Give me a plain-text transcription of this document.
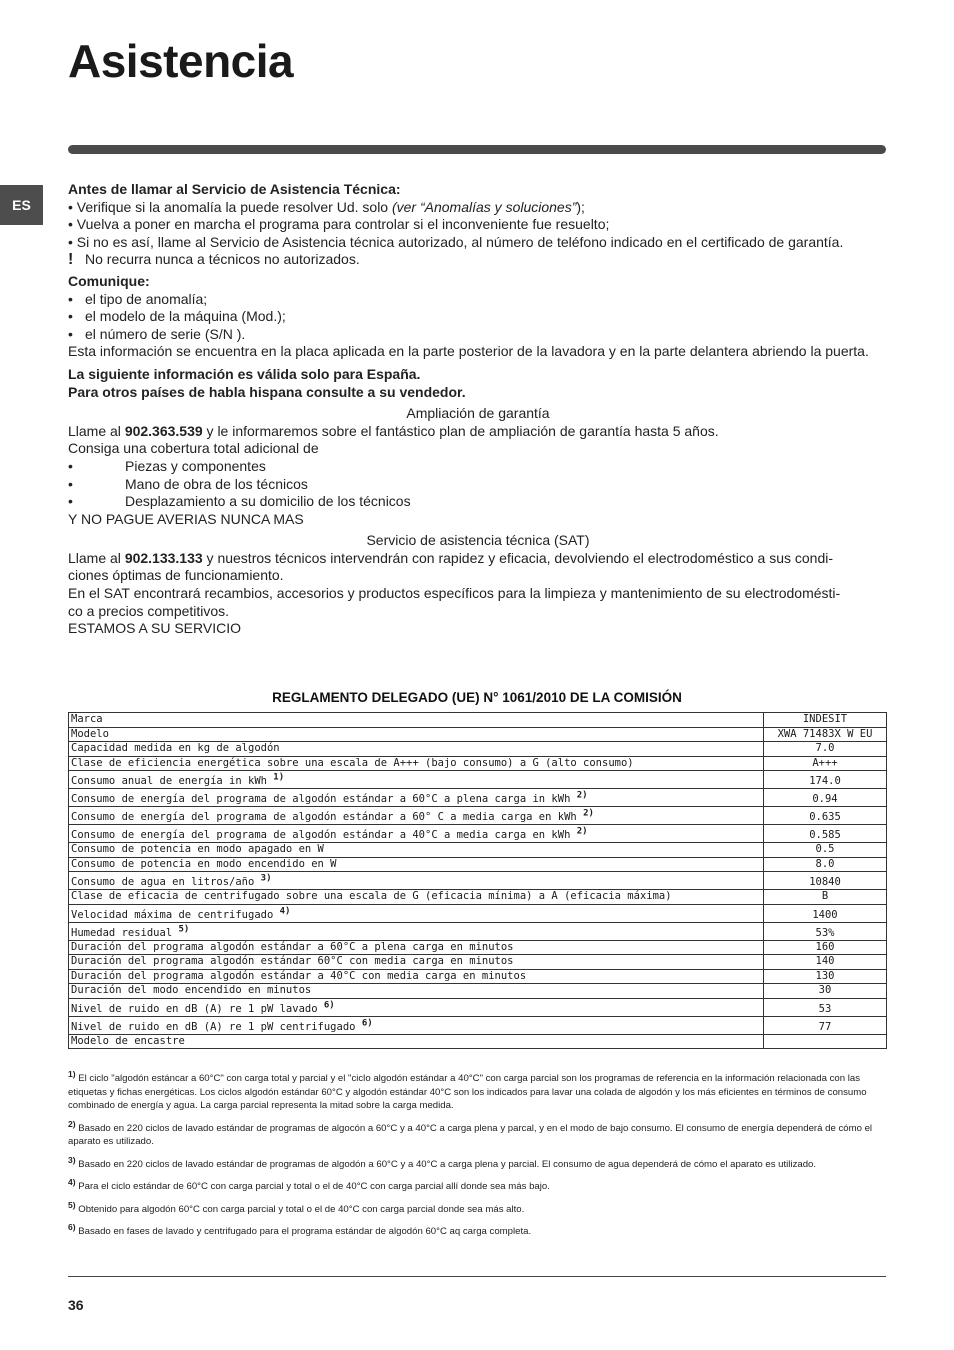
Asistencia
ES

Antes de llamar al Servicio de Asistencia Técnica:

• Verifique si la anomalía la puede resolver Ud. solo (ver “Anomalías y soluciones”);

• Vuelva a poner en marcha el programa para controlar si el inconveniente fue resuelto;

• Si no es así, llame al Servicio de Asistencia técnica autorizado, al número de teléfono indicado en el certificado de garantía.

! No recurra nunca a técnicos no autorizados.

Comunique:

• el tipo de anomalía;
• el modelo de la máquina (Mod.);
• el número de serie (S/N ).

Esta información se encuentra en la placa aplicada en la parte posterior de la lavadora y en la parte delantera abriendo la puerta.

La siguiente información es válida solo para España.

Para otros países de habla hispana consulte a su vendedor.

Ampliación de garantía

Llame al 902.363.539 y le informaremos sobre el fantástico plan de ampliación de garantía hasta 5 años.

Consiga una cobertura total adicional de

•	Piezas y componentes
•	Mano de obra de los técnicos
•	Desplazamiento a su domicilio de los técnicos

Y NO PAGUE AVERIAS NUNCA MAS

Servicio de asistencia técnica (SAT)

Llame al 902.133.133 y nuestros técnicos intervendrán con rapidez y eficacia, devolviendo el electrodoméstico a sus condi-

ciones óptimas de funcionamiento.

En el SAT encontrará recambios, accesorios y productos específicos para la limpieza y mantenimiento de su electrodomésti-

co a precios competitivos.

ESTAMOS A SU SERVICIO

REGLAMENTO DELEGADO (UE) N° 1061/2010 DE LA COMISIÓN
Marca	INDESIT
Modelo	XWA 71483X W EU
Capacidad medida en kg de algodón	7.0
Clase de eficiencia energética sobre una escala de A+++ (bajo consumo) a G (alto consumo)	A+++
Consumo anual de energía in kWh $^{1)}$	174.0
Consumo de energía del programa de algodón estándar a 60°C a plena carga in kWh $^{2)}$	0.94
Consumo de energía del programa de algodón estándar a 60° C a media carga en kWh $^{2)}$	0.635
Consumo de energía del programa de algodón estándar a 40°C a media carga en kWh $^{2)}$	0.585
Consumo de potencia en modo apagado en W	0.5
Consumo de potencia en modo encendido en W	8.0
Consumo de agua en litros/año $^{3)}$	10840
Clase de eficacia de centrifugado sobre una escala de G (eficacia mínima) a A (eficacia máxima)	B
Velocidad máxima de centrifugado $^{4)}$	1400
Humedad residual $^{5)}$	53%
Duración del programa algodón estándar a 60°C a plena carga en minutos	160
Duración del programa algodón estándar 60°C con media carga en minutos	140
Duración del programa algodón estándar a 40°C con media carga en minutos	130
Duración del modo encendido en minutos	30
Nivel de ruido en dB (A) re 1 pW lavado $^{6)}$	53
Nivel de ruido en dB (A) re 1 pW centrifugado $^{6)}$	77
Modelo de encastre	

$^{1)}$ El ciclo "algodón estáncar a 60°C" con carga total y parcial y el "ciclo algodón estándar a 40°C" con carga parcial son los programas de referencia en la información relacionada con las etiquetas y fichas energéticas. Los ciclos algodón estándar 60°C y algodón estándar 40°C son los indicados para lavar una colada de algodón y los más eficientes en términos de consumo combinado de energía y agua. La carga parcial representa la mitad sobre la carga medida.

$^{2)}$ Basado en 220 ciclos de lavado estándar de programas de algocón a 60°C y a 40°C a carga plena y parcal, y en el modo de bajo consumo. El consumo de energía dependerá de cómo el aparato es utilizado.

$^{3)}$ Basado en 220 ciclos de lavado estándar de programas de algodón a 60°C y a 40°C a carga plena y parcial. El consumo de agua dependerá de cómo el aparato es utilizado.

$^{4)}$ Para el ciclo estándar de 60°C con carga parcial y total o el de 40°C con carga parcial allí donde sea más bajo.

$^{5)}$ Obtenido para algodón 60°C con carga parcial y total o el de 40°C con carga parcial donde sea más alto.

$^{6)}$ Basado en fases de lavado y centrifugado para el programa estándar de algodón 60°C aq carga completa.

36
